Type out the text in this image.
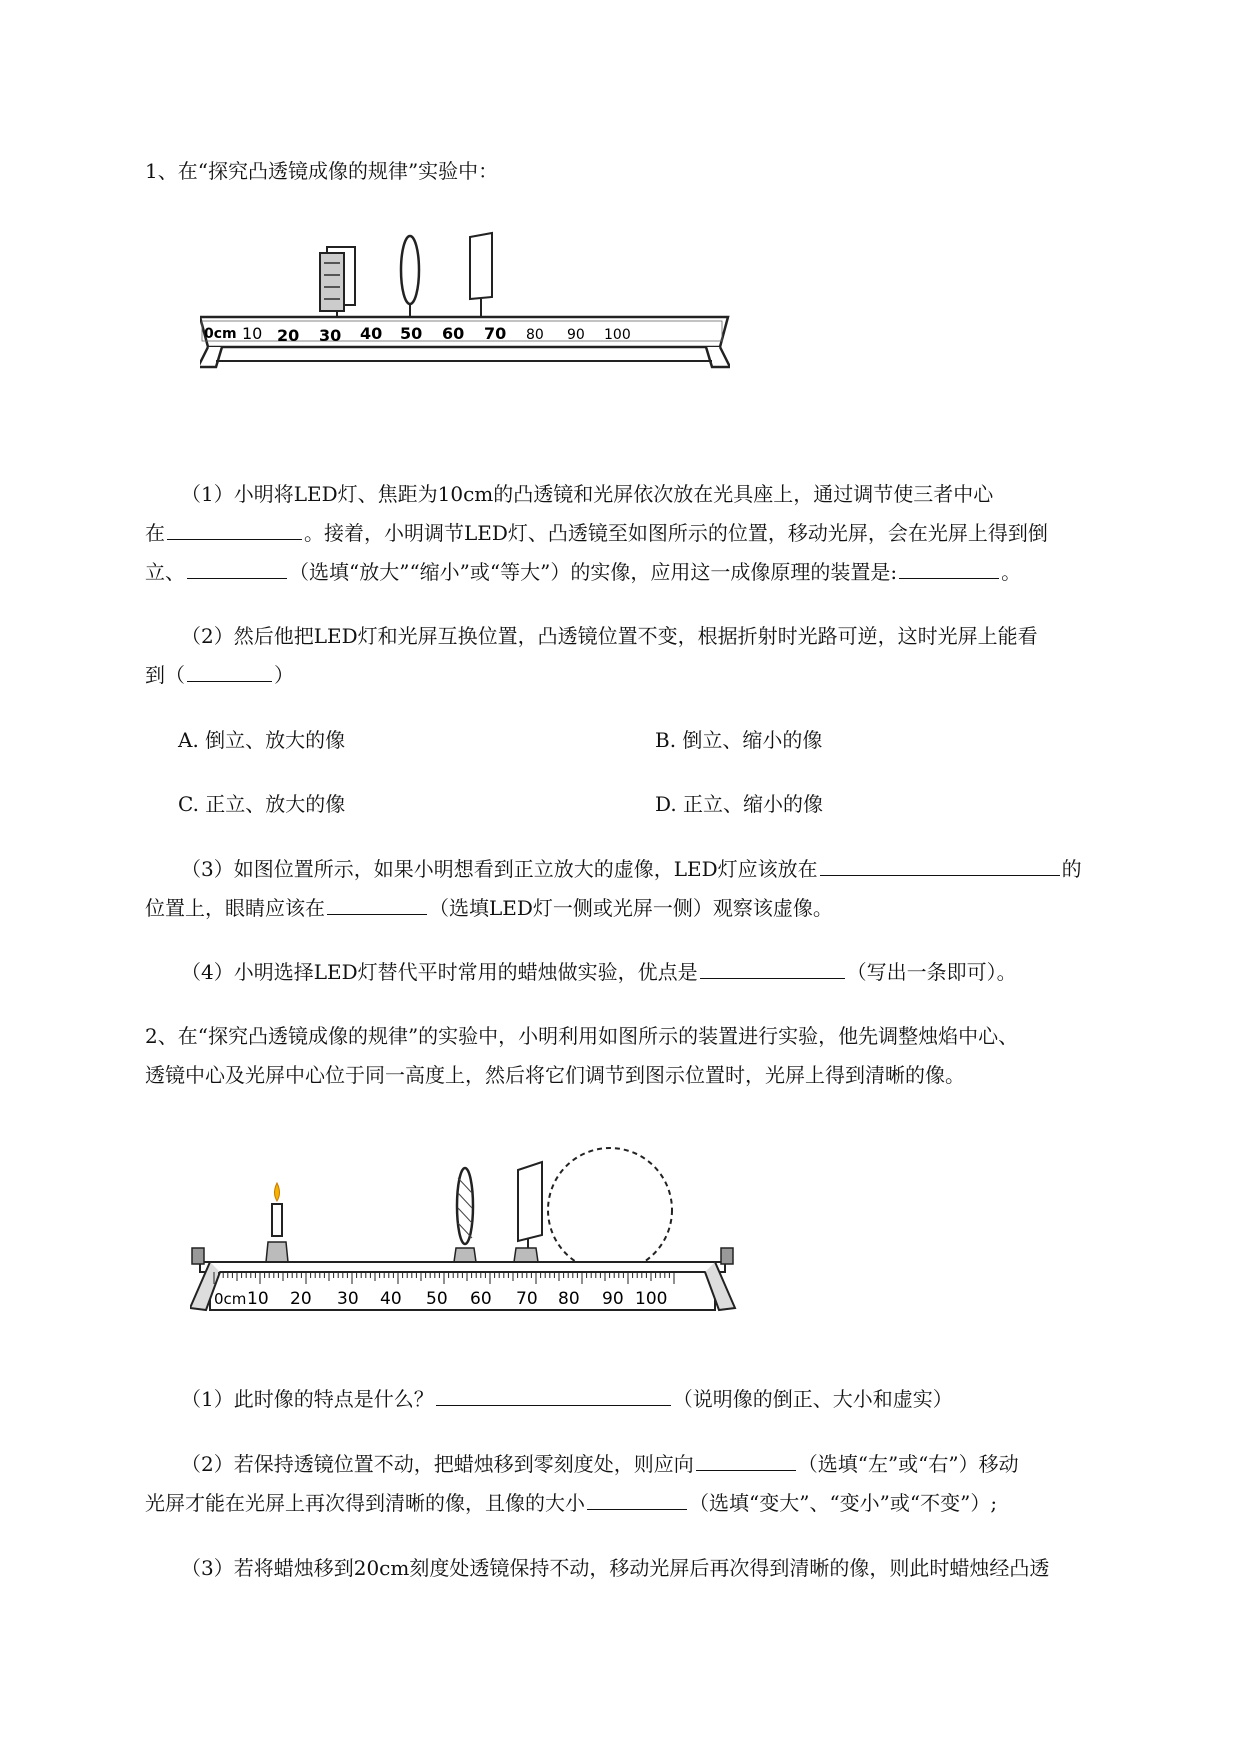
1、在“探究凸透镜成像的规律”实验中：
0cm 10 20 30 40 50 60 70 80 90 100
（1）小明将LED灯、焦距为10cm的凸透镜和光屏依次放在光具座上，通过调节使三者中心
在	。接着，小明调节LED灯、凸透镜至如图所示的位置，移动光屏，会在光屏上得到倒
立、	（选填“放大”“缩小”或“等大”）的实像，应用这一成像原理的装置是:	。
（2）然后他把LED灯和光屏互换位置，凸透镜位置不变，根据折射时光路可逆，这时光屏上能看
到（	）
A. 倒立、放大的像	B. 倒立、缩小的像
C. 正立、放大的像	D. 正立、缩小的像
（3）如图位置所示，如果小明想看到正立放大的虚像，LED灯应该放在	的
位置上，眼睛应该在	（选填LED灯一侧或光屏一侧）观察该虚像。
（4）小明选择LED灯替代平时常用的蜡烛做实验，优点是	（写出一条即可）。
2、在“探究凸透镜成像的规律”的实验中，小明利用如图所示的装置进行实验，他先调整烛焰中心、
透镜中心及光屏中心位于同一高度上，然后将它们调节到图示位置时，光屏上得到清晰的像。
0cm 10 20 30 40 50 60 70 80 90 100
（1）此时像的特点是什么？	（说明像的倒正、大小和虚实）
（2）若保持透镜位置不动，把蜡烛移到零刻度处，则应向	（选填“左”或“右”）移动
光屏才能在光屏上再次得到清晰的像，且像的大小	（选填“变大”、“变小”或“不变”）;
（3）若将蜡烛移到20cm刻度处透镜保持不动，移动光屏后再次得到清晰的像，则此时蜡烛经凸透
